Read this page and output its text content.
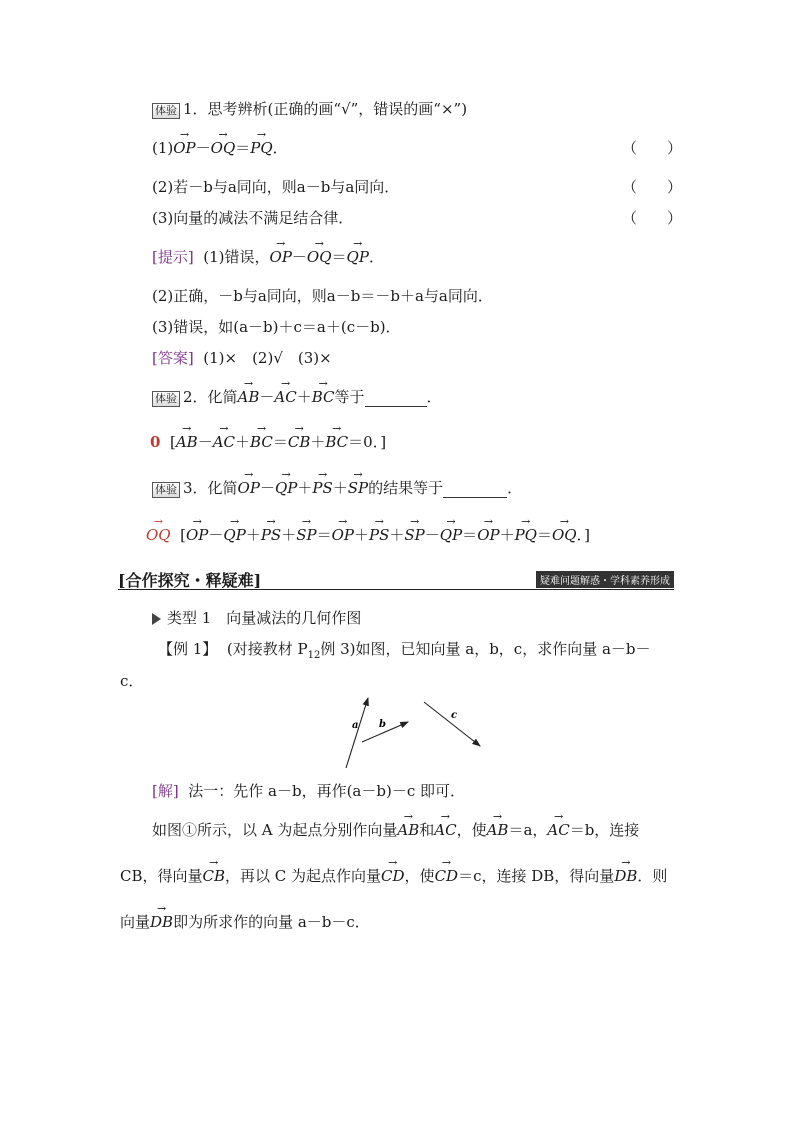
体验 1．思考辨析(正确的画“√”，错误的画“×”)
(1)→ OP－→ OQ＝→ PQ．	（　　）
(2)若－b与a同向，则a－b与a同向．	（　　）
(3)向量的减法不满足结合律．	（　　）
[提示] (1)错误，→ OP－→ OQ＝→ QP．
(2)正确，－b与a同向，则a－b＝－b＋a与a同向．
(3)错误，如(a－b)＋c＝a＋(c－b)．
[答案] (1)×　(2)√　(3)×
体验 2．化简→ AB－→ AC＋→ BC等于	．
0 [→ AB－→ AC＋→ BC＝→ CB＋→ BC＝0．]
体验 3．化简→ OP－→ QP＋→ PS＋→ SP的结果等于	．
→ OQ  [→ OP－→ QP＋→ PS＋→ SP＝→ OP＋→ PS＋→ SP－→ QP＝→ OP＋→ PQ＝→ OQ．]
[合作探究・释疑难]	疑难问题解惑・学科素养形成
类型 1　向量减法的几何作图
【例 1】 (对接教材 $P_{12}$例 3)如图，已知向量 a，b，c，求作向量 a－b－
c．
a b
c
[解] 法一：先作 a－b，再作(a－b)－c 即可．
如图①所示，以 A 为起点分别作向量→ AB和→ AC，使→ AB＝a，→ AC＝b，连接
CB，得向量→ CB，再以 C 为起点作向量→ CD，使→ CD＝c，连接 DB，得向量→ DB．则
向量→ DB即为所求作的向量 a－b－c．
